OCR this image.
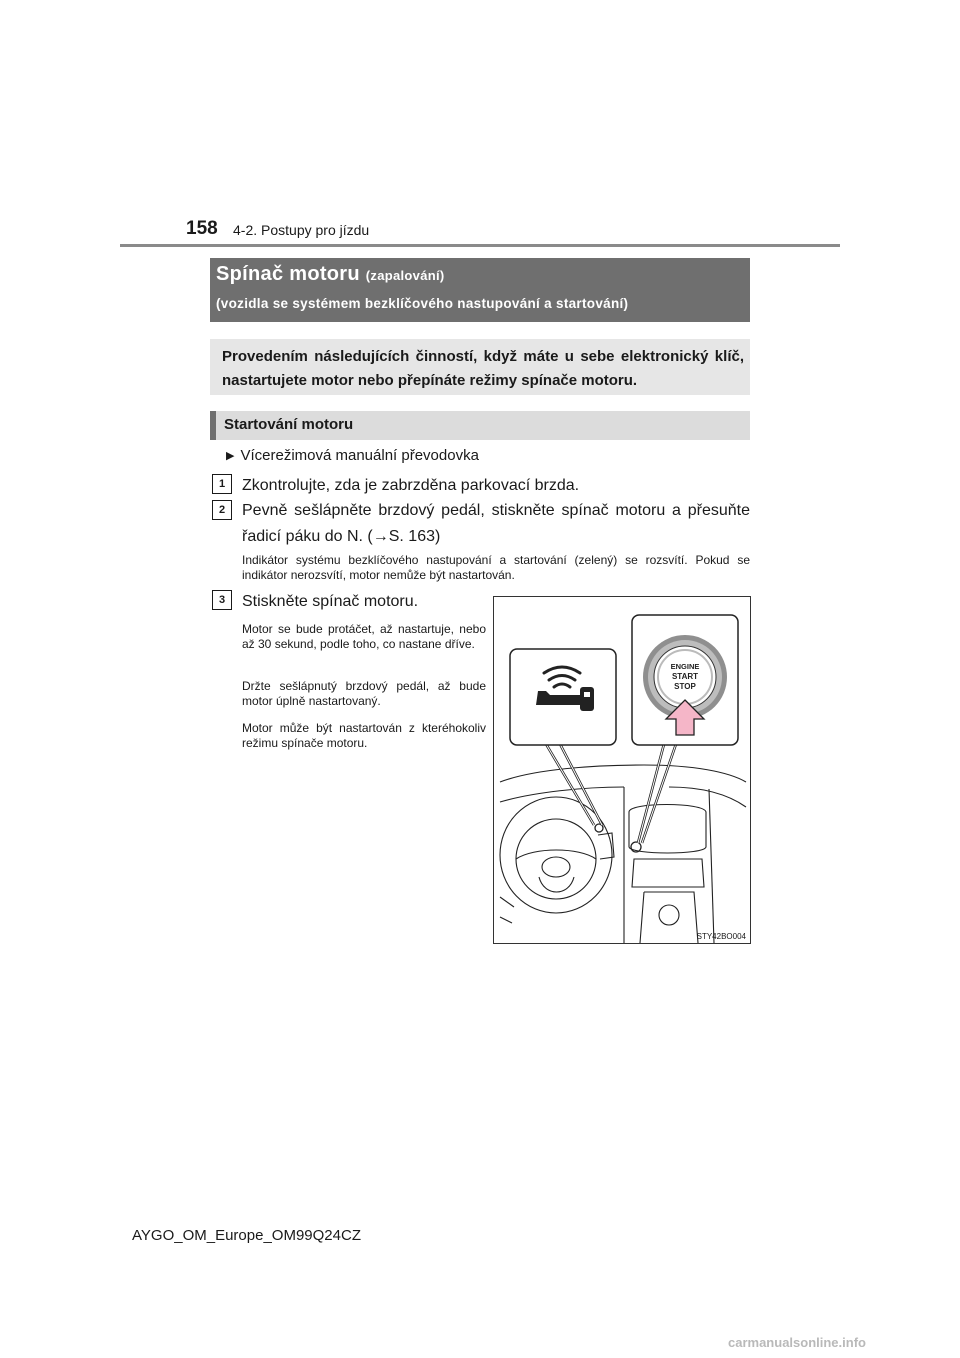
158 4-2. Postupy pro jízdu
Spínač motoru (zapalování)
(vozidla se systémem bezklíčového nastupování a startování)
Provedením následujících činností, když máte u sebe elektronický klíč, nastartujete motor nebo přepínáte režimy spínače motoru.
Startování motoru
▶ Vícerežimová manuální převodovka
1	Zkontrolujte, zda je zabrzděna parkovací brzda.
2	Pevně sešlápněte brzdový pedál, stiskněte spínač motoru a přesuňte řadicí páku do N. (→S. 163)
Indikátor systému bezklíčového nastupování a startování (zelený) se rozsvítí. Pokud se indikátor nerozsvítí, motor nemůže být nastartován.
3	Stiskněte spínač motoru.
Motor se bude protáčet, až nastartuje, nebo až 30 sekund, podle toho, co nastane dříve.
Držte sešlápnutý brzdový pedál, až bude motor úplně nastartovaný.
Motor může být nastartován z kteréhokoliv režimu spínače motoru.
ENGINE
START
STOP
STY42BO004
AYGO_OM_Europe_OM99Q24CZ
carmanualsonline.info
